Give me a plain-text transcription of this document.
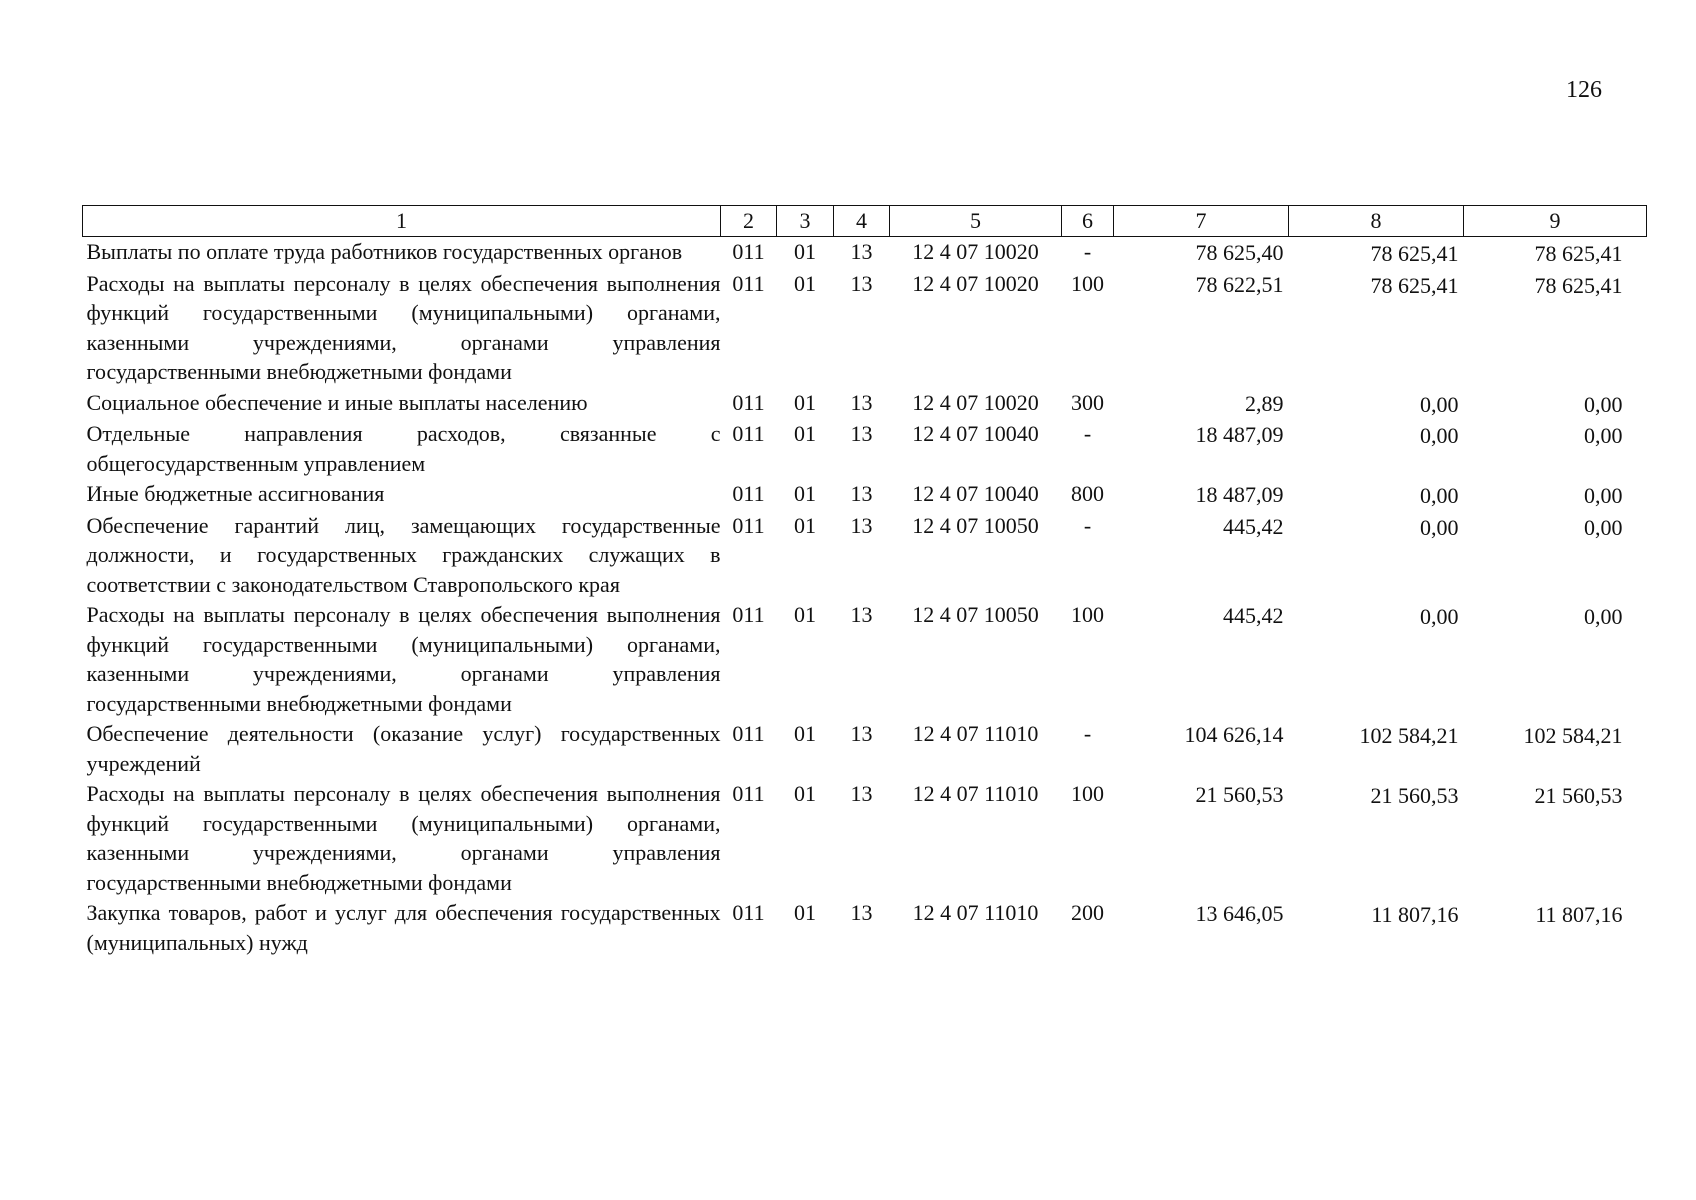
126
1	2	3	4	5	6	7	8	9
Выплаты по оплате труда работников государственных органов	011	01	13	12 4 07 10020	-	78 625,40	78 625,41	78 625,41
Расходы на выплаты персоналу в целях обеспечения выполнения функций государственными (муниципальными) органами, казенными учреждениями, органами управления государственными внебюджетными фондами	011	01	13	12 4 07 10020	100	78 622,51	78 625,41	78 625,41
Социальное обеспечение и иные выплаты населению	011	01	13	12 4 07 10020	300	2,89	0,00	0,00
Отдельные направления расходов, связанные с общегосударственным управлением	011	01	13	12 4 07 10040	-	18 487,09	0,00	0,00
Иные бюджетные ассигнования	011	01	13	12 4 07 10040	800	18 487,09	0,00	0,00
Обеспечение гарантий лиц, замещающих государственные должности, и государственных гражданских служащих в соответствии с законодательством Ставропольского края	011	01	13	12 4 07 10050	-	445,42	0,00	0,00
Расходы на выплаты персоналу в целях обеспечения выполнения функций государственными (муниципальными) органами, казенными учреждениями, органами управления государственными внебюджетными фондами	011	01	13	12 4 07 10050	100	445,42	0,00	0,00
Обеспечение деятельности (оказание услуг) государственных учреждений	011	01	13	12 4 07 11010	-	104 626,14	102 584,21	102 584,21
Расходы на выплаты персоналу в целях обеспечения выполнения функций государственными (муниципальными) органами, казенными учреждениями, органами управления государственными внебюджетными фондами	011	01	13	12 4 07 11010	100	21 560,53	21 560,53	21 560,53
Закупка товаров, работ и услуг для обеспечения государственных (муниципальных) нужд	011	01	13	12 4 07 11010	200	13 646,05	11 807,16	11 807,16
